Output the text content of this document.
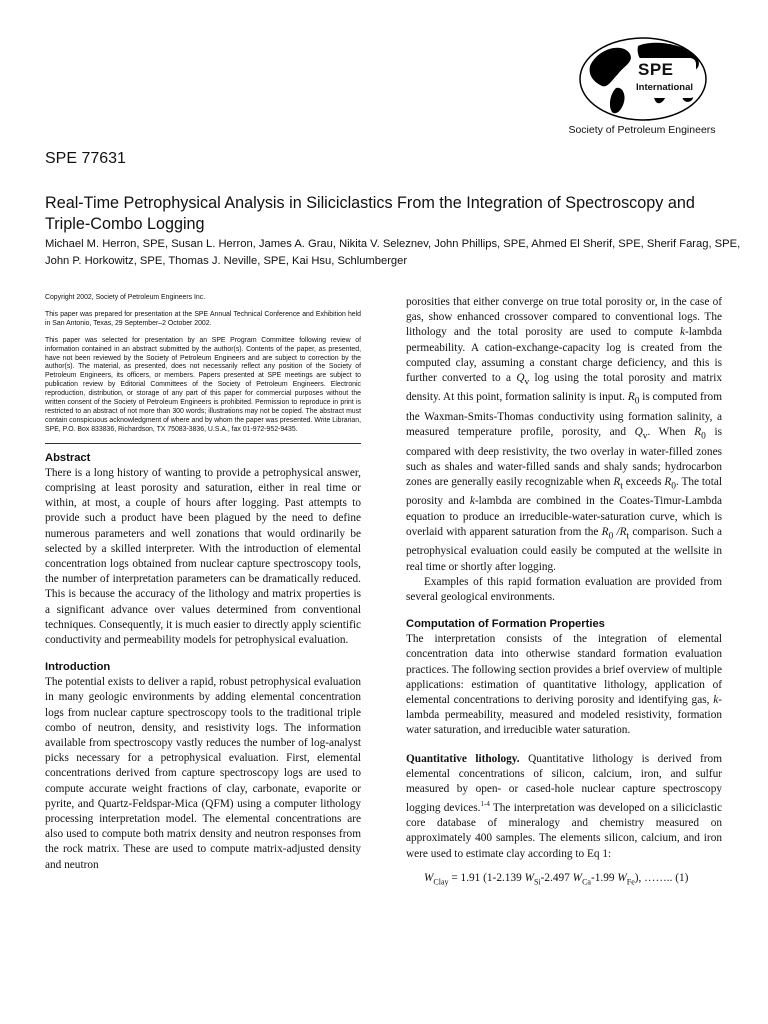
SPE
International
Society of Petroleum Engineers
SPE 77631
Real-Time Petrophysical Analysis in Siliciclastics From the Integration of Spectroscopy and Triple-Combo Logging
Michael M. Herron, SPE, Susan L. Herron, James A. Grau, Nikita V. Seleznev, John Phillips, SPE, Ahmed El Sherif, SPE, Sherif Farag, SPE, John P. Horkowitz, SPE, Thomas J. Neville, SPE, Kai Hsu, Schlumberger

Copyright 2002, Society of Petroleum Engineers Inc.

This paper was prepared for presentation at the SPE Annual Technical Conference and Exhibition held in San Antonio, Texas, 29 September–2 October 2002.

This paper was selected for presentation by an SPE Program Committee following review of information contained in an abstract submitted by the author(s). Contents of the paper, as presented, have not been reviewed by the Society of Petroleum Engineers and are subject to correction by the author(s). The material, as presented, does not necessarily reflect any position of the Society of Petroleum Engineers, its officers, or members. Papers presented at SPE meetings are subject to publication review by Editorial Committees of the Society of Petroleum Engineers. Electronic reproduction, distribution, or storage of any part of this paper for commercial purposes without the written consent of the Society of Petroleum Engineers is prohibited. Permission to reproduce in print is restricted to an abstract of not more than 300 words; illustrations may not be copied. The abstract must contain conspicuous acknowledgment of where and by whom the paper was presented. Write Librarian, SPE, P.O. Box 833836, Richardson, TX 75083-3836, U.S.A., fax 01-972-952-9435.

Abstract

There is a long history of wanting to provide a petrophysical answer, comprising at least porosity and saturation, either in real time or within, at most, a couple of hours after logging. Past attempts to provide such a product have been plagued by the need to define numerous parameters and well zonations that would ordinarily be selected by a skilled interpreter. With the introduction of elemental concentration logs obtained from nuclear capture spectroscopy tools, the number of interpretation parameters can be dramatically reduced. This is because the accuracy of the lithology and matrix properties is a significant advance over values determined from conventional techniques. Consequently, it is much easier to directly apply scientific conductivity and permeability models for petrophysical evaluation.

Introduction

The potential exists to deliver a rapid, robust petrophysical evaluation in many geologic environments by adding elemental concentration logs from nuclear capture spectroscopy tools to the traditional triple combo of neutron, density, and resistivity logs. The information available from spectroscopy vastly reduces the number of log-analyst picks necessary for a petrophysical evaluation. First, elemental concentrations derived from capture spectroscopy logs are used to compute accurate weight fractions of clay, carbonate, evaporite or pyrite, and Quartz-Feldspar-Mica (QFM) using a computer lithology processing interpretation model. The elemental concentrations are also used to compute both matrix density and neutron responses from the rock matrix. These are used to compute matrix-adjusted density and neutron

porosities that either converge on true total porosity or, in the case of gas, show enhanced crossover compared to conventional logs. The lithology and the total porosity are used to compute k-lambda permeability. A cation-exchange-capacity log is created from the computed clay, assuming a constant charge deficiency, and this is further converted to a $Q_v$ log using the total porosity and matrix density. At this point, formation salinity is input. $R_0$ is computed from the Waxman-Smits-Thomas conductivity using formation salinity, a measured temperature profile, porosity, and $Q_v$. When $R_0$ is compared with deep resistivity, the two overlay in water-filled zones such as shales and water-filled sands and shaly sands; hydrocarbon zones are generally easily recognizable when $R_t$ exceeds $R_0$. The total porosity and k-lambda are combined in the Coates-Timur-Lambda equation to produce an irreducible-water-saturation curve, which is overlaid with apparent saturation from the $R_0$ $/R_t$ comparison. Such a petrophysical evaluation could easily be computed at the wellsite in real time or shortly after logging.

Examples of this rapid formation evaluation are provided from several geological environments.

Computation of Formation Properties

The interpretation consists of the integration of elemental concentration data into otherwise standard formation evaluation practices. The following section provides a brief overview of multiple applications: estimation of quantitative lithology, application of elemental concentrations to deriving porosity and identifying gas, k-lambda permeability, measured and modeled resistivity, formation water saturation, and irreducible water saturation.

Quantitative lithology. Quantitative lithology is derived from elemental concentrations of silicon, calcium, iron, and sulfur measured by open- or cased-hole nuclear capture spectroscopy logging devices.$^{1-4}$ The interpretation was developed on a siliciclastic core database of mineralogy and chemistry measured on approximately 400 samples. The elements silicon, calcium, and iron were used to estimate clay according to Eq 1:

$W_{Clay} = 1.91$ (1-2.139 $W_{Si}-2.497$ $W_{Ca}-1.99$ $W_{Fe}$), …….. (1)
